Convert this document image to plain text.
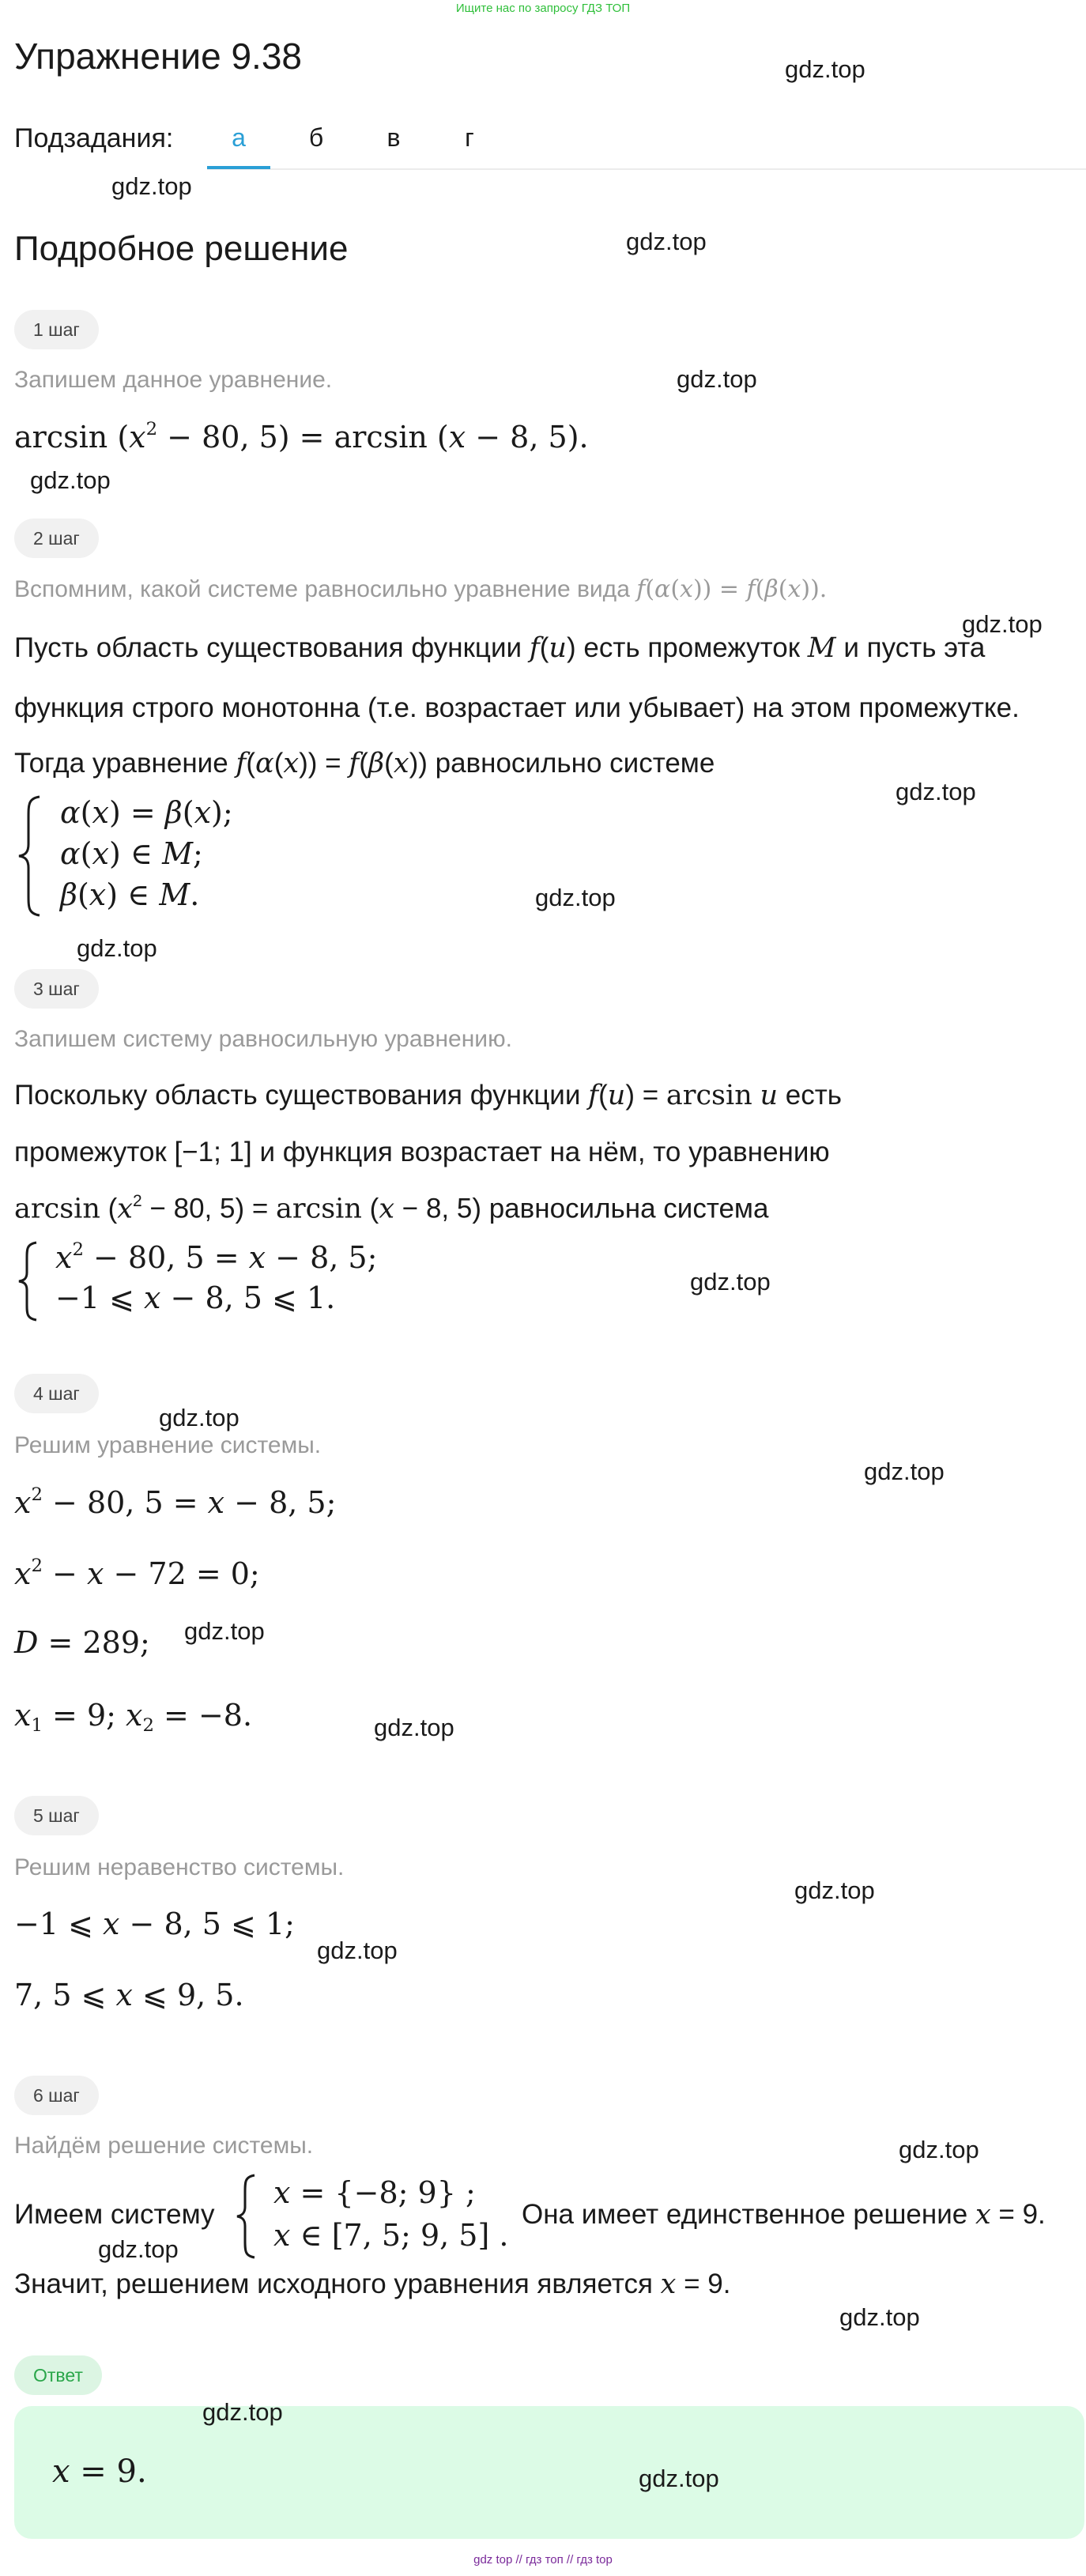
Ищите нас по запросу ГДЗ ТОП
Упражнение 9.38	gdz.top
Подзадания:	а	б	в	г
gdz.top
Подробное решение	gdz.top
1 шаг
Запишем данное уравнение.	gdz.top
$\arcsin (x^2 - 80$, 5) = arcsin (x − 8, 5).
gdz.top
2 шаг
Вспомним, какой системе равносильно уравнение вида f(α(x)) = f(β(x)).
gdz.top
Пусть область существования функции f(u) есть промежуток M и пусть эта
функция строго монотонна (т.е. возрастает или убывает) на этом промежутке.
Тогда уравнение f(α(x)) = f(β(x)) равносильно системе
gdz.top
α(x) = β(x);
α(x) ∈ M;
β(x) ∈ M.	gdz.top
gdz.top
3 шаг
Запишем систему равносильную уравнению.
Поскольку область существования функции f(u) = arcsin u есть
промежуток [−1; 1] и функция возрастает на нём, то уравнению
$\arcsin (x^2 - 80$, 5) = arcsin (x − 8, 5) равносильна система
$x^2 - 80$, 5 = x − 8, 5;
−1 ⩽ x − 8, 5 ⩽ 1.	gdz.top
4 шаг
gdz.top
Решим уравнение системы.
gdz.top
$x^2 - 80$, 5 = x − 8, 5;
$x^2 - x - 72 = 0$;
D = 289; gdz.top
$x_1 = 9$; $x_2 = -8$.	gdz.top
5 шаг
Решим неравенство системы.
gdz.top
−1 ⩽ x − 8, 5 ⩽ 1;
gdz.top
7, 5 ⩽ x ⩽ 9, 5.
6 шаг
Найдём решение системы.	gdz.top
Имеем систему
x = {−8; 9} ;
x ∈ [7, 5; 9, 5] .
Она имеет единственное решение x = 9.
gdz.top
Значит, решением исходного уравнения является x = 9.
gdz.top
Ответ
gdz.top
x = 9.	gdz.top
gdz top // гдз топ // гдз top
